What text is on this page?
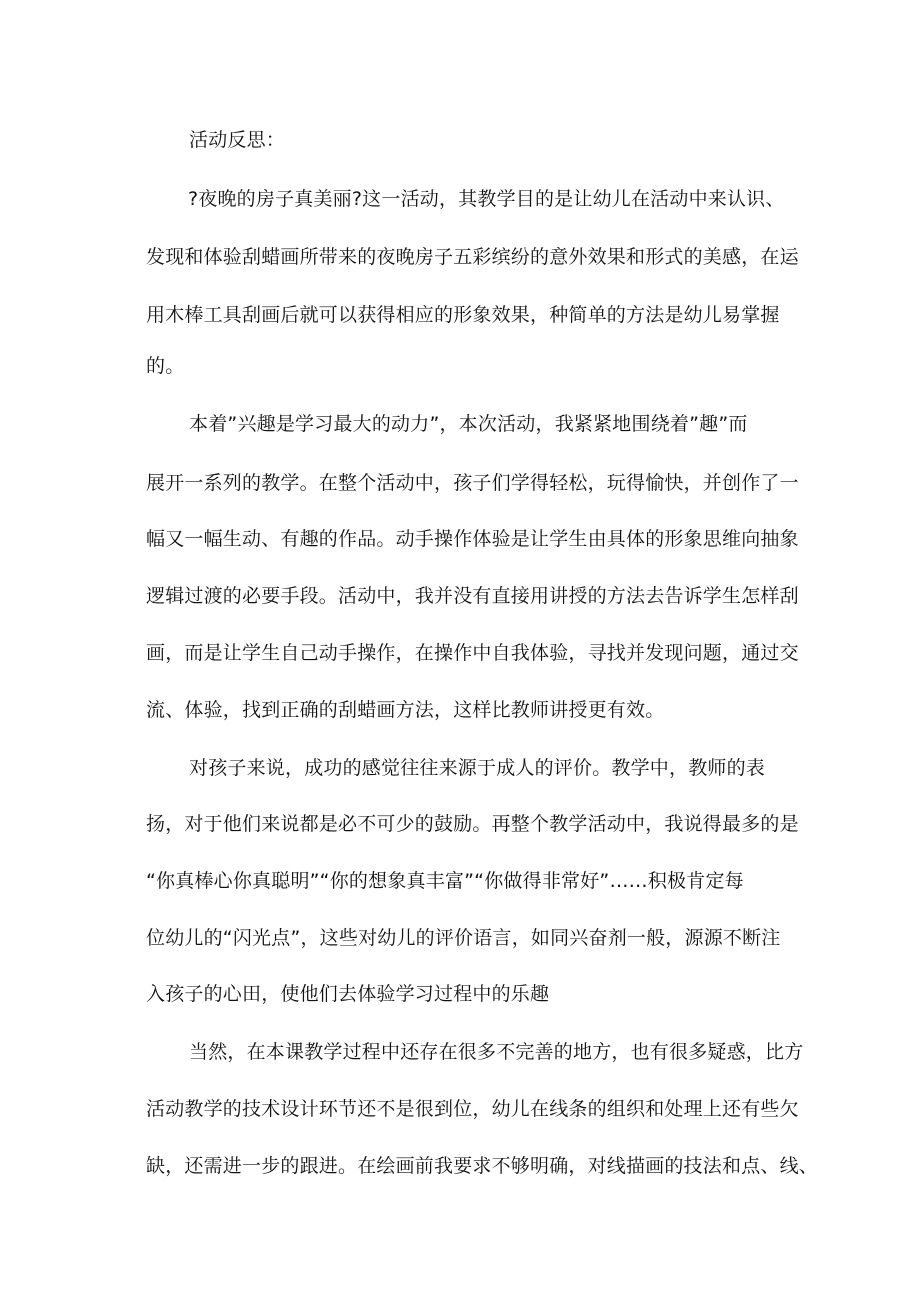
活动反思：
?夜晚的房子真美丽?这一活动，其教学目的是让幼儿在活动中来认识、
发现和体验刮蜡画所带来的夜晚房子五彩缤纷的意外效果和形式的美感，在运
用木棒工具刮画后就可以获得相应的形象效果，种简单的方法是幼儿易掌握
的。
本着”兴趣是学习最大的动力”，本次活动，我紧紧地围绕着”趣”而
展开一系列的教学。在整个活动中，孩子们学得轻松，玩得愉快，并创作了一
幅又一幅生动、有趣的作品。动手操作体验是让学生由具体的形象思维向抽象
逻辑过渡的必要手段。活动中，我并没有直接用讲授的方法去告诉学生怎样刮
画，而是让学生自己动手操作，在操作中自我体验，寻找并发现问题，通过交
流、体验，找到正确的刮蜡画方法，这样比教师讲授更有效。
对孩子来说，成功的感觉往往来源于成人的评价。教学中，教师的表
扬，对于他们来说都是必不可少的鼓励。再整个教学活动中，我说得最多的是
“你真棒心你真聪明”“你的想象真丰富”“你做得非常好”……积极肯定每
位幼儿的“闪光点”，这些对幼儿的评价语言，如同兴奋剂一般，源源不断注
入孩子的心田，使他们去体验学习过程中的乐趣
当然，在本课教学过程中还存在很多不完善的地方，也有很多疑惑，比方
活动教学的技术设计环节还不是很到位，幼儿在线条的组织和处理上还有些欠
缺，还需进一步的跟进。在绘画前我要求不够明确，对线描画的技法和点、线、
